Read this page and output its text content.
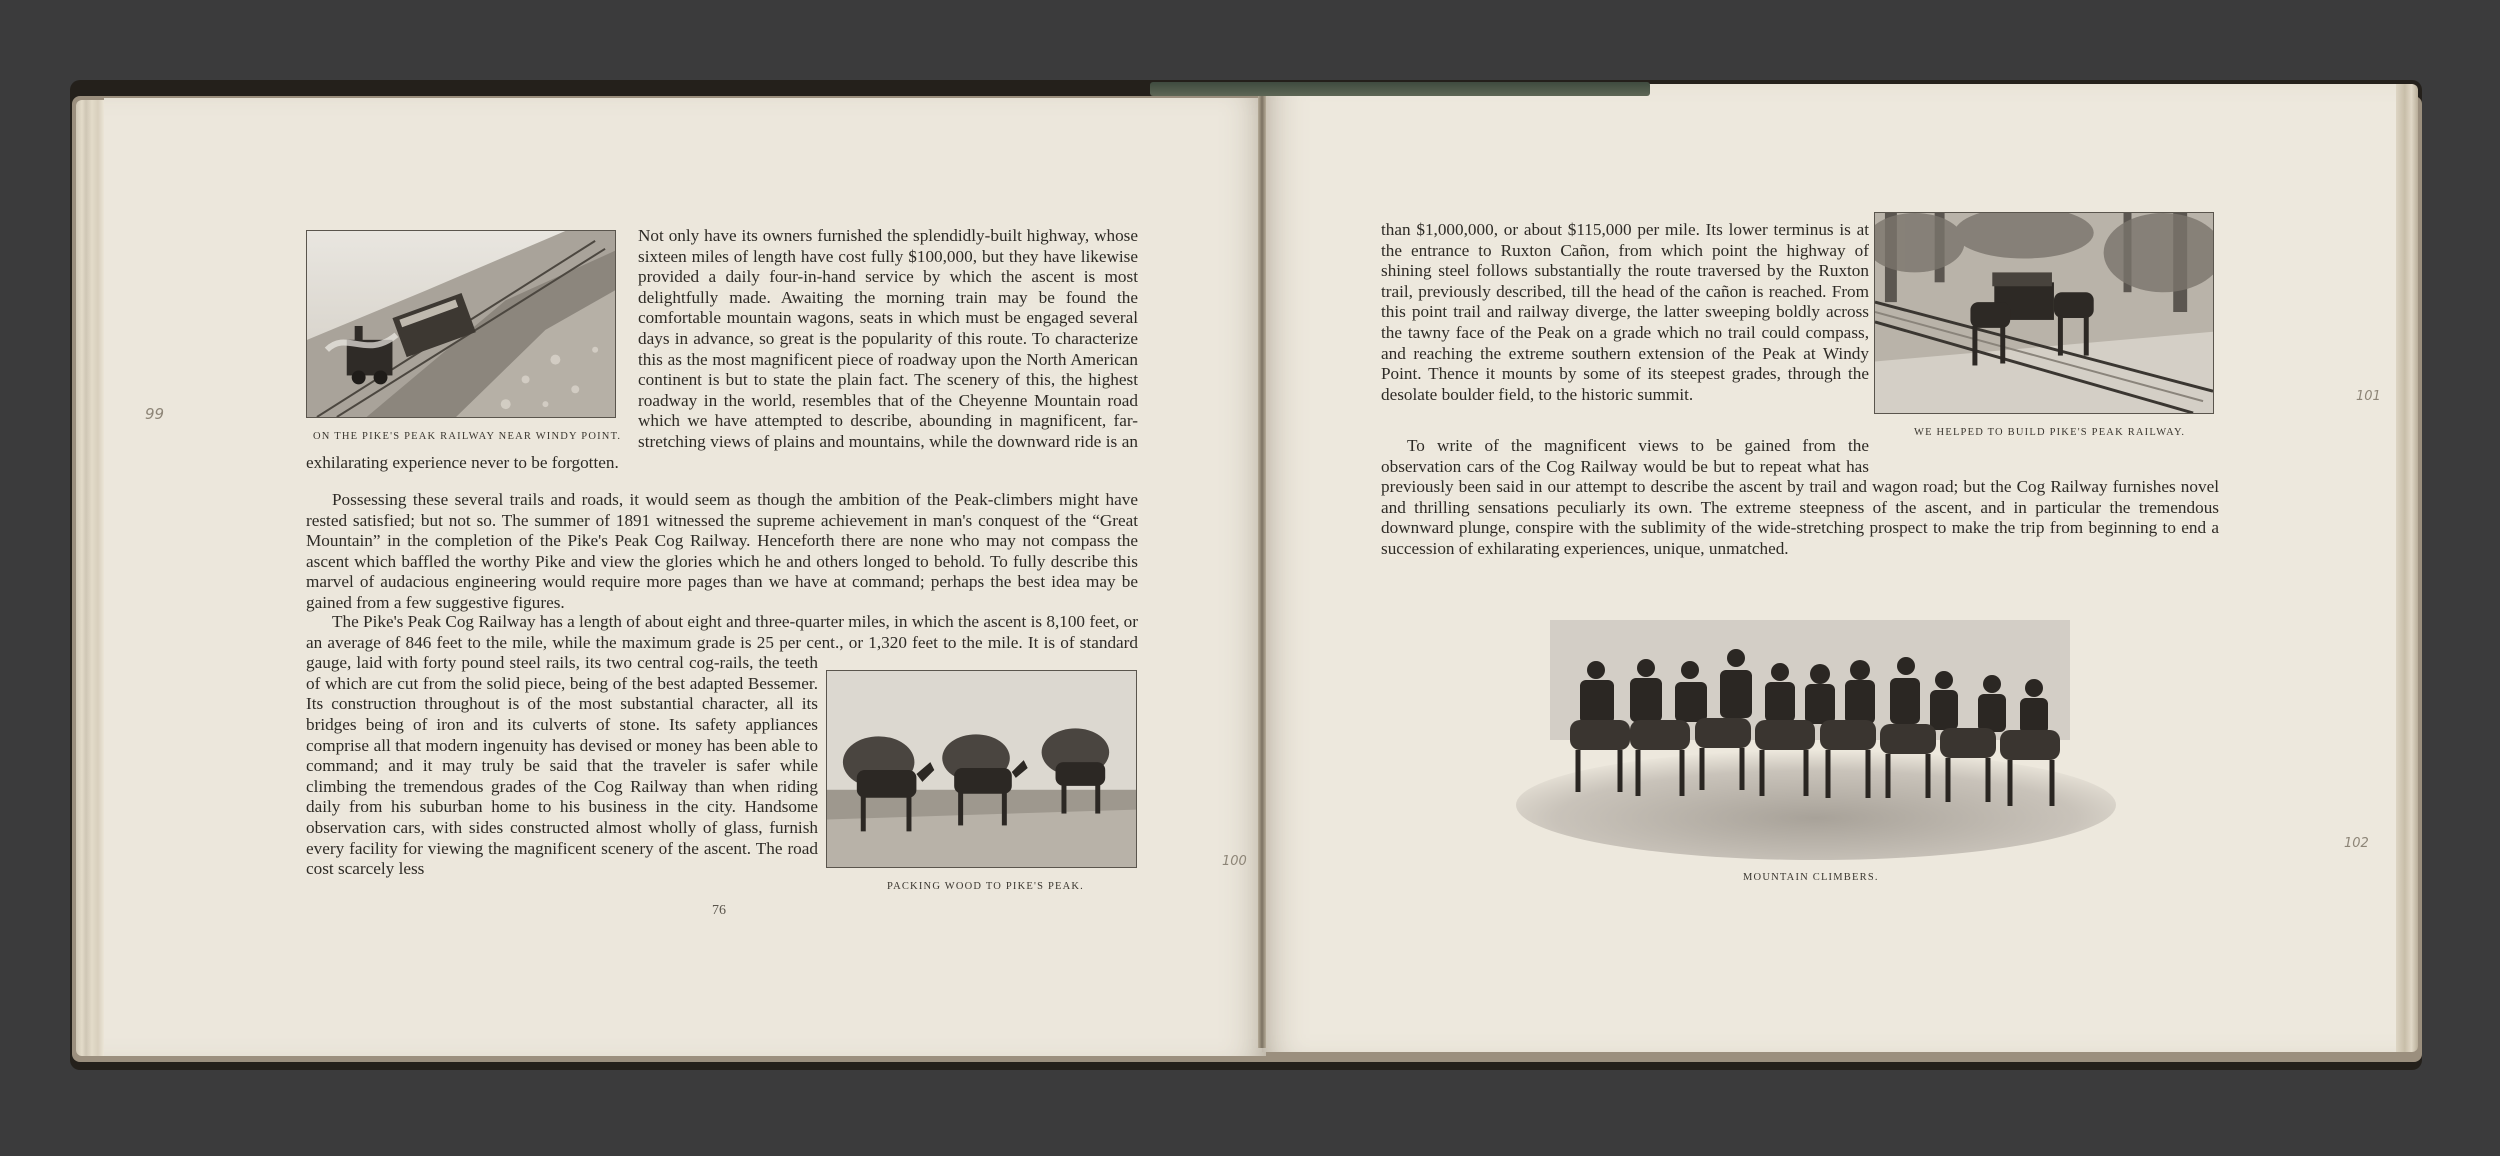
ON THE PIKE'S PEAK RAILWAY NEAR WINDY POINT.
PACKING WOOD TO PIKE'S PEAK.

Not only have its owners furnished the splendidly-built highway, whose sixteen miles of length have cost fully $100,000, but they have likewise provided a daily four-in-hand service by which the ascent is most delightfully made. Awaiting the morning train may be found the comfortable mountain wagons, seats in which must be engaged several days in advance, so great is the popularity of this route. To characterize this as the most magnificent piece of roadway upon the North American continent is but to state the plain fact. The scenery of this, the highest roadway in the world, resembles that of the Cheyenne Mountain road which we have attempted to describe, abounding in magnificent, far-stretching views of plains and mountains, while the downward ride is an exhilarating experience never to be forgotten.

Possessing these several trails and roads, it would seem as though the ambition of the Peak-climbers might have rested satisfied; but not so. The summer of 1891 witnessed the supreme achievement in man's conquest of the “Great Mountain” in the completion of the Pike's Peak Cog Railway. Henceforth there are none who may not compass the ascent which baffled the worthy Pike and view the glories which he and others longed to behold. To fully describe this marvel of audacious engineering would require more pages than we have at command; perhaps the best idea may be gained from a few suggestive figures.

The Pike's Peak Cog Railway has a length of about eight and three-quarter miles, in which the ascent is 8,100 feet, or an average of 846 feet to the mile, while the maximum grade is 25 per cent., or 1,320 feet to the mile. It is of standard gauge, laid with forty pound steel rails, its two central cog-rails, the teeth of which are cut from the solid piece, being of the best adapted Bessemer. Its construction throughout is of the most substantial character, all its bridges being of iron and its culverts of stone. Its safety appliances comprise all that modern ingenuity has devised or money has been able to command; and it may truly be said that the traveler is safer while climbing the tremendous grades of the Cog Railway than when riding daily from his suburban home to his business in the city. Handsome observation cars, with sides constructed almost wholly of glass, furnish every facility for viewing the magnificent scenery of the ascent. The road cost scarcely less

76
99
100
WE HELPED TO BUILD PIKE'S PEAK RAILWAY.

than $1,000,000, or about $115,000 per mile. Its lower terminus is at the entrance to Ruxton Cañon, from which point the highway of shining steel follows substantially the route traversed by the Ruxton trail, previously described, till the head of the cañon is reached. From this point trail and railway diverge, the latter sweeping boldly across the tawny face of the Peak on a grade which no trail could compass, and reaching the extreme southern extension of the Peak at Windy Point. Thence it mounts by some of its steepest grades, through the desolate boulder field, to the historic summit.

To write of the magnificent views to be gained from the observation cars of the Cog Railway would be but to repeat what has previously been said in our attempt to describe the ascent by trail and wagon road; but the Cog Railway furnishes novel and thrilling sensations peculiarly its own. The extreme steepness of the ascent, and in particular the tremendous downward plunge, conspire with the sublimity of the wide-stretching prospect to make the trip from beginning to end a succession of exhilarating experiences, unique, unmatched.

MOUNTAIN CLIMBERS.
101
102
